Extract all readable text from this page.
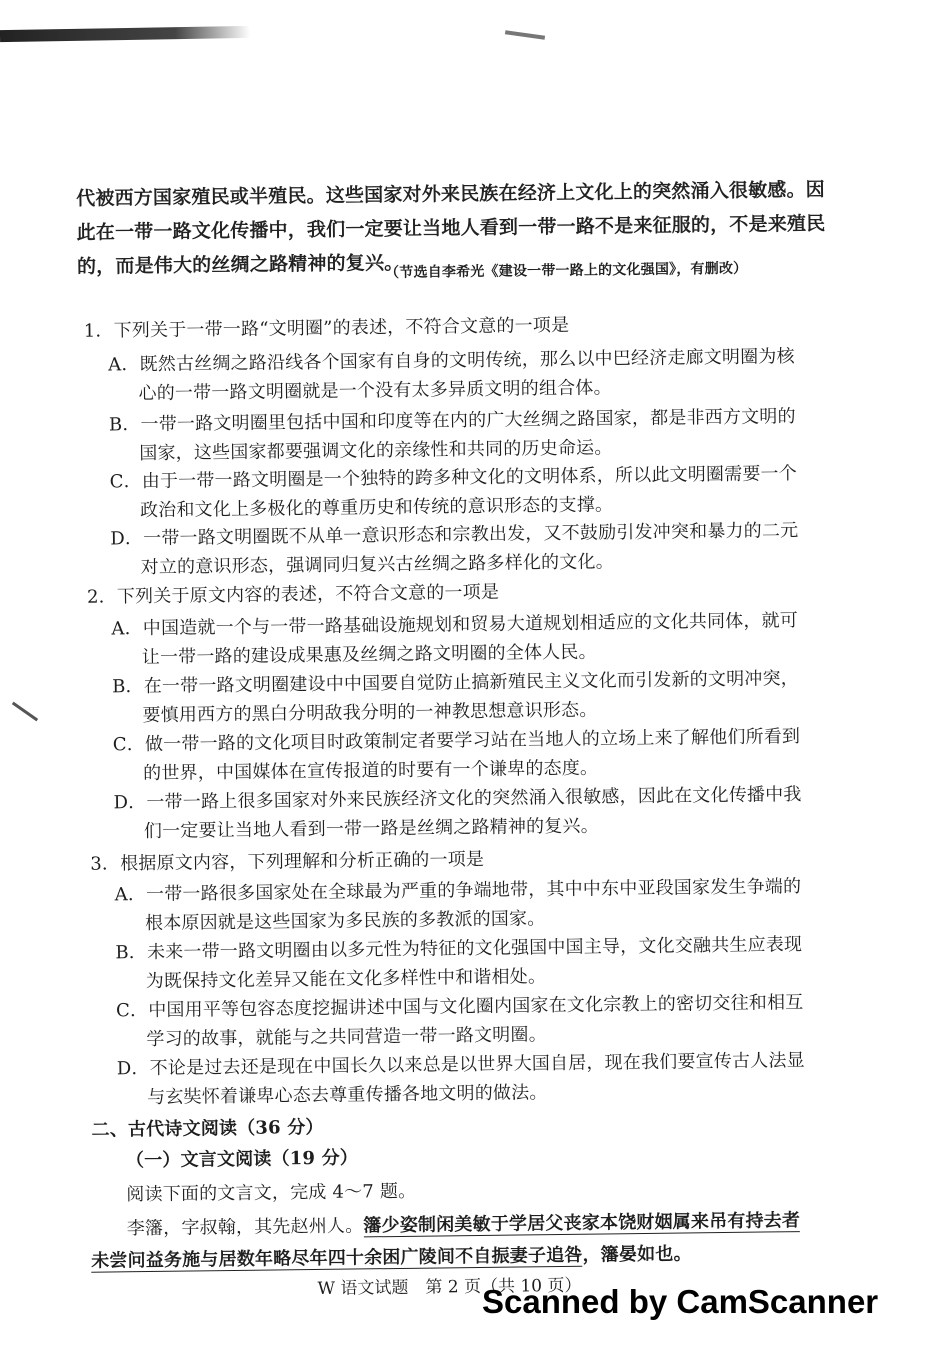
代被西方国家殖民或半殖民。这些国家对外来民族在经济上文化上的突然涌入很敏感。因
此在一带一路文化传播中，我们一定要让当地人看到一带一路不是来征服的，不是来殖民
的，而是伟大的丝绸之路精神的复兴。
（节选自李希光《建设一带一路上的文化强国》，有删改）
1．下列关于一带一路“文明圈”的表述，不符合文意的一项是
A．既然古丝绸之路沿线各个国家有自身的文明传统，那么以中巴经济走廊文明圈为核
心的一带一路文明圈就是一个没有太多异质文明的组合体。
B．一带一路文明圈里包括中国和印度等在内的广大丝绸之路国家，都是非西方文明的
国家，这些国家都要强调文化的亲缘性和共同的历史命运。
C．由于一带一路文明圈是一个独特的跨多种文化的文明体系，所以此文明圈需要一个
政治和文化上多极化的尊重历史和传统的意识形态的支撑。
D．一带一路文明圈既不从单一意识形态和宗教出发，又不鼓励引发冲突和暴力的二元
对立的意识形态，强调同归复兴古丝绸之路多样化的文化。
2．下列关于原文内容的表述，不符合文意的一项是
A．中国造就一个与一带一路基础设施规划和贸易大道规划相适应的文化共同体，就可
让一带一路的建设成果惠及丝绸之路文明圈的全体人民。
B．在一带一路文明圈建设中中国要自觉防止搞新殖民主义文化而引发新的文明冲突，
要慎用西方的黑白分明敌我分明的一神教思想意识形态。
C．做一带一路的文化项目时政策制定者要学习站在当地人的立场上来了解他们所看到
的世界，中国媒体在宣传报道的时要有一个谦卑的态度。
D．一带一路上很多国家对外来民族经济文化的突然涌入很敏感，因此在文化传播中我
们一定要让当地人看到一带一路是丝绸之路精神的复兴。
3．根据原文内容，下列理解和分析正确的一项是
A．一带一路很多国家处在全球最为严重的争端地带，其中中东中亚段国家发生争端的
根本原因就是这些国家为多民族的多教派的国家。
B．未来一带一路文明圈由以多元性为特征的文化强国中国主导，文化交融共生应表现
为既保持文化差异又能在文化多样性中和谐相处。
C．中国用平等包容态度挖掘讲述中国与文化圈内国家在文化宗教上的密切交往和相互
学习的故事，就能与之共同营造一带一路文明圈。
D．不论是过去还是现在中国长久以来总是以世界大国自居，现在我们要宣传古人法显
与玄奘怀着谦卑心态去尊重传播各地文明的做法。
二、古代诗文阅读（36 分）
（一）文言文阅读（19 分）
阅读下面的文言文，完成 4～7 题。
李籓，字叔翰，其先赵州人。籓少姿制闲美敏于学居父丧家本饶财姻属来吊有持去者
未尝问益务施与居数年略尽年四十余困广陵间不自振妻子追咎，籓晏如也。
W 语文试题　第 2 页（共 10 页）
Scanned by CamScanner
